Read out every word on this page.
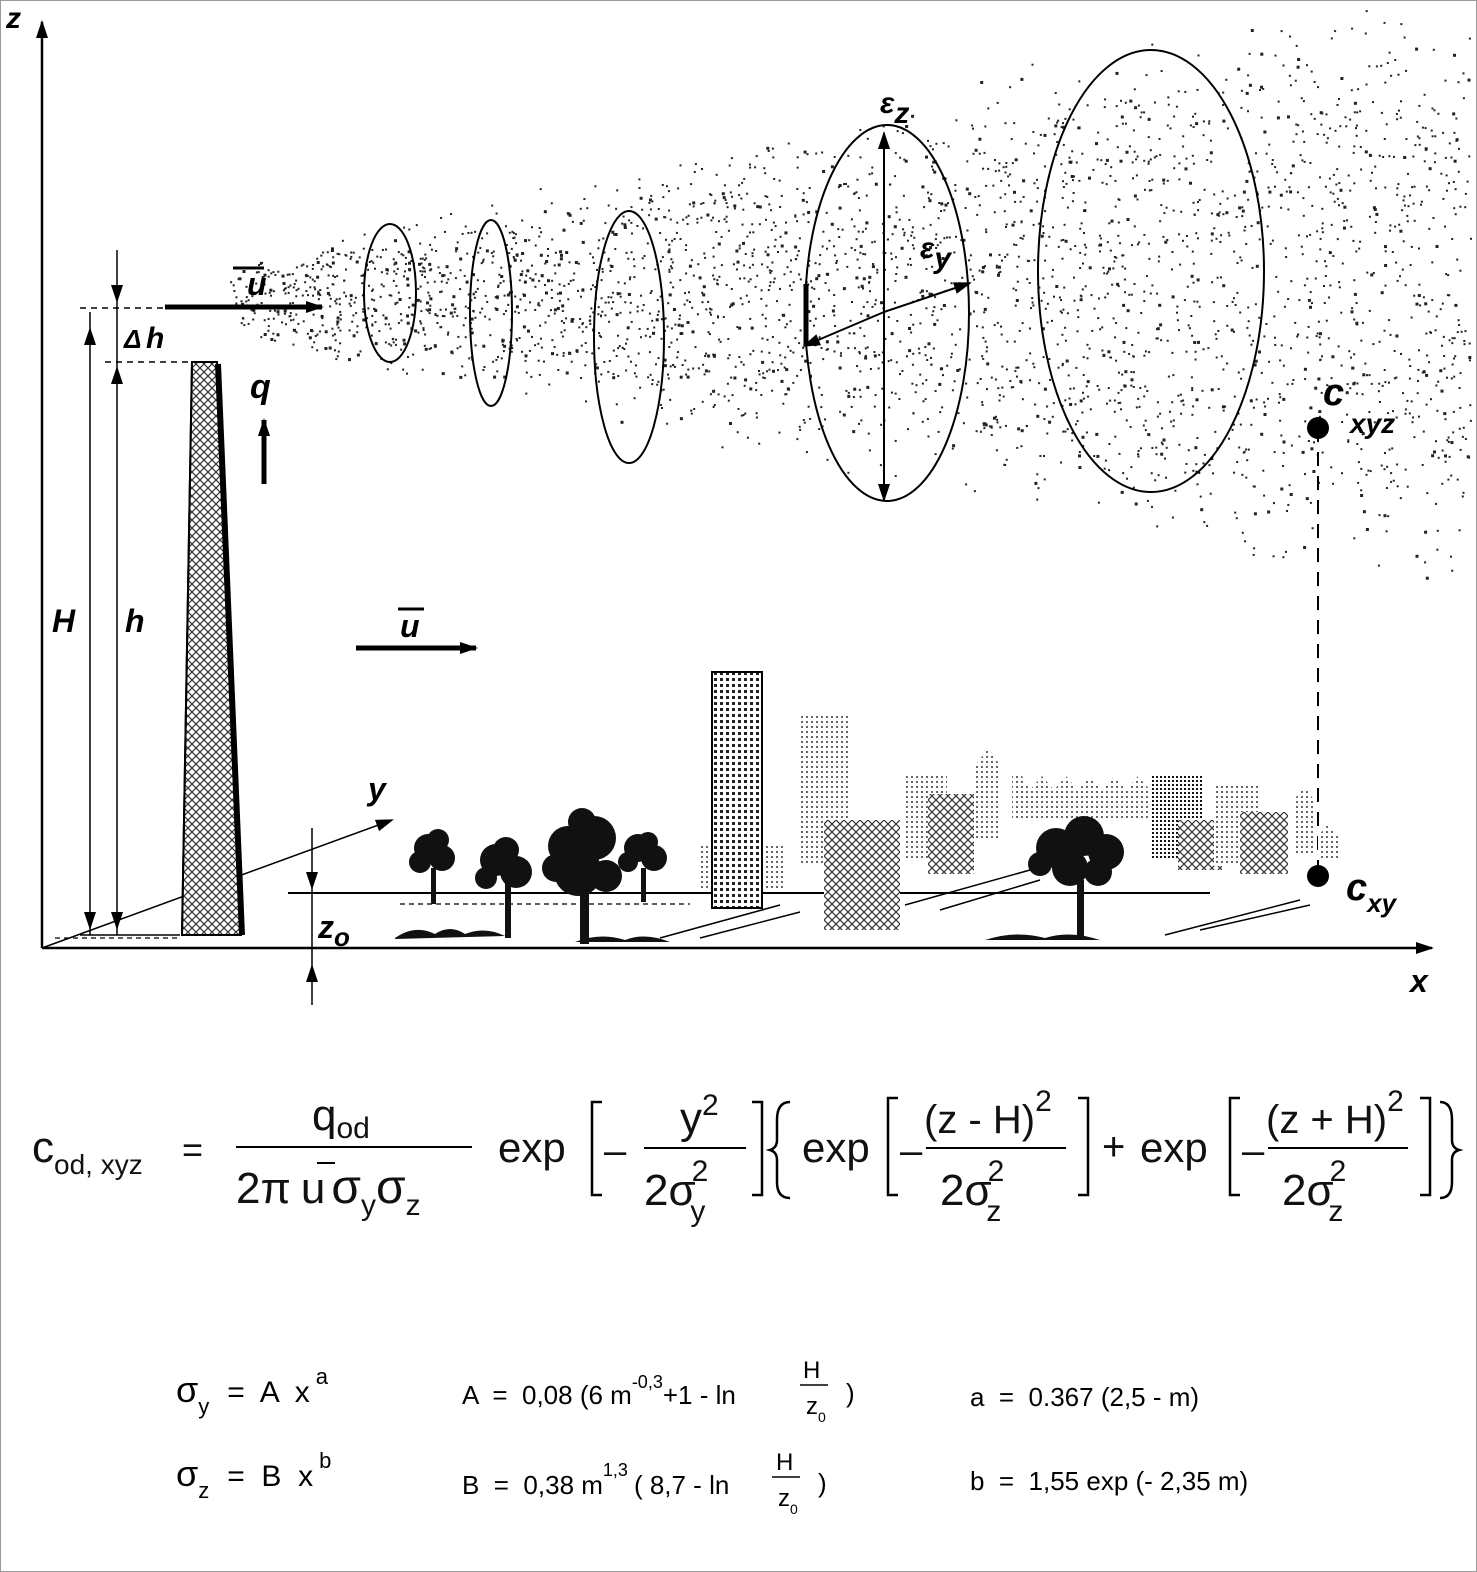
z
x
y
H h
Δ h
$z_o$
u
u
q
εz
εy
cxyz
$c_{xy}$
$c_{od, xyz}$ =
qod
2π u $\sigma_y\sigma_z$
exp –
$y^2$
2σ2 y
exp –
(z - H)$^2$
2σ2 z
+ exp –
$(z + H)^2$
2σ2 z
$\sigma_y = A$  x $^a$
$\sigma_z = B$  x $^b$
A  =  0,08 (6 $m^{-0,3}+1 - \ln$
H
$z_0$
)
B  =  0,38 $m^{1,3}$ ( 8,7 - ln
H
$z_0$
)
a  =  0.367 (2,5 - m)
b  =  1,55 exp (- 2,35 m)
